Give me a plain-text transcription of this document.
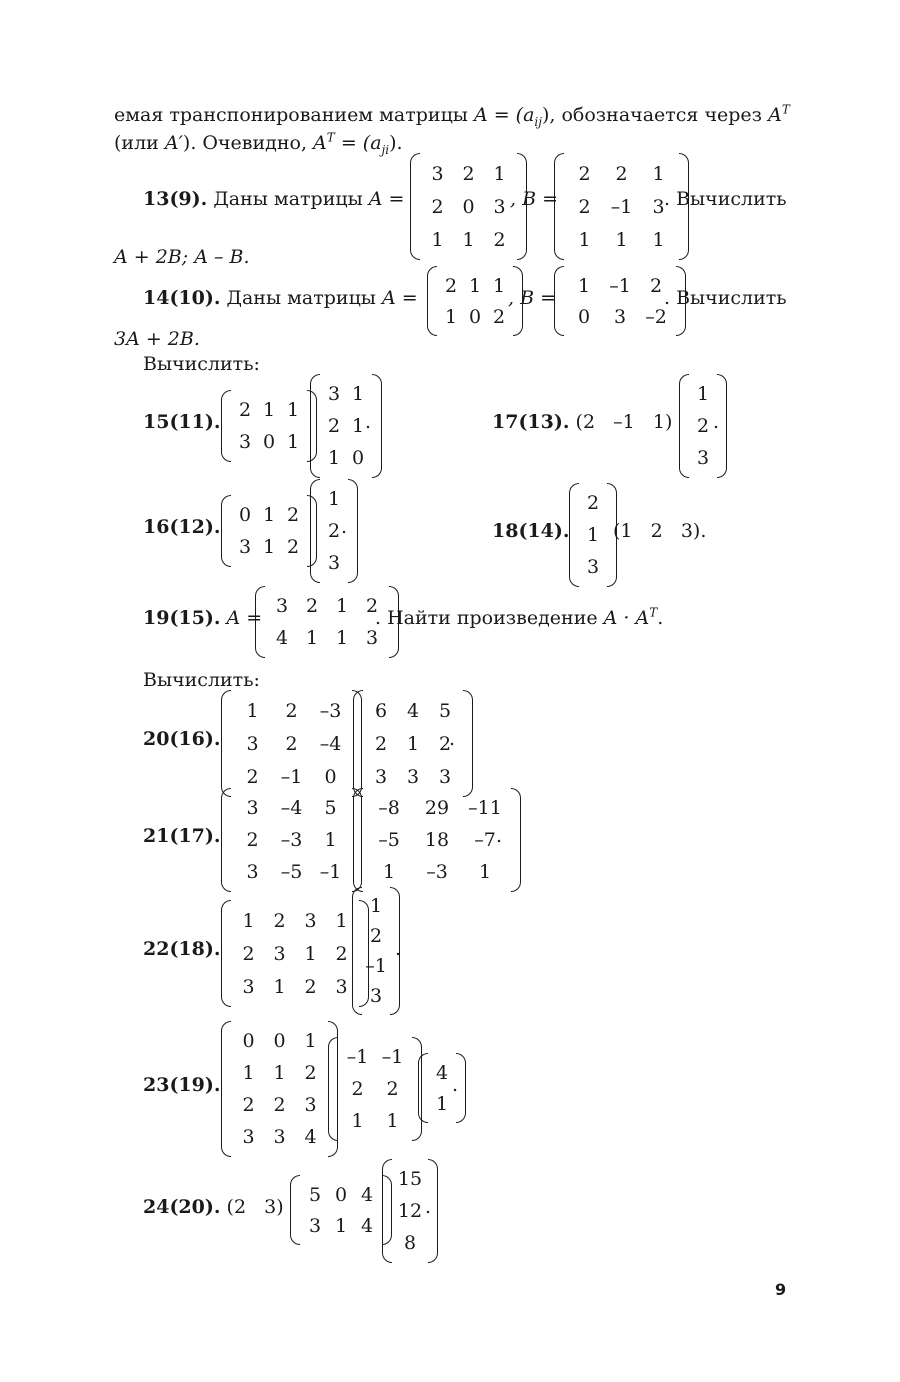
емая транспонированием матрицы $A = (a_{ij})$, обозначается через $A^T$
(или A′). Очевидно, $A^T = (a_{ji})$.
13(9). Даны матрицы A =
3 2 1
2 0 3
1 1 2
, B =
2	2	1
2	–1	3
1	1	1
. Вычислить
A + 2B; A – B.
14(10). Даны матрицы A =
2 1 1
1 0 2
, B =
1	–1	2
0	3	–2
. Вычислить
3A + 2B.
Вычислить:
15(11).
2 1 1
3 0 1
3 1
2 1
1 0
.	17(13). (2   –1   1)
1
2
3
.
16(12).
0 1 2
3 1 2
1
2
3
.	18(14).
2
1
3
(1   2   3).
19(15). A =
3 2 1 2
4 1 1 3
. Найти произведение $A \cdot A^T$.
Вычислить:
20(16).
1	2	–3
3	2	–4
2	–1	0
6	4	5
2	1	2
3	3	3
.
21(17).
3	–4	5
2	–3	1
3	–5 –1
–8	29	–11
–5	18	–7
1	–3	1
.
22(18).
1 2 3 1
2 3 1 2
3 1 2 3
1
2
–1
3
.
23(19).
0 0 1
1 1 2
2 2 3
3 3 4
–1 –1
2	2
1	1
4
1
.
24(20). (2   3)
5 0 4
3 1 4
15
12
8
.
9
